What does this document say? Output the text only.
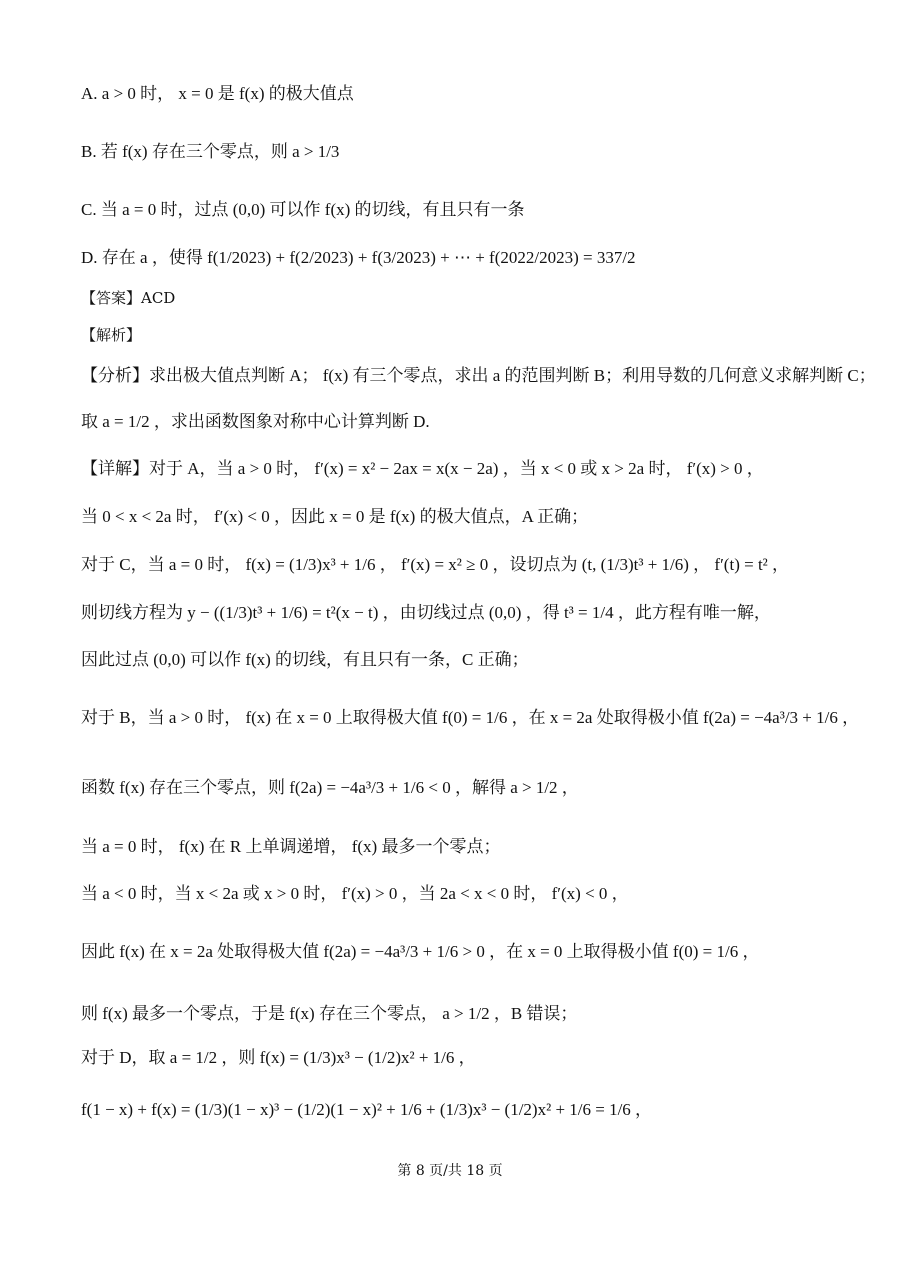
A. a > 0 时， x = 0 是 f(x) 的极大值点
B. 若 f(x) 存在三个零点，则 a > 1/3
C. 当 a = 0 时，过点 (0,0) 可以作 f(x) 的切线，有且只有一条
D. 存在 a ，使得 f(1/2023) + f(2/2023) + f(3/2023) + ⋯ + f(2022/2023) = 337/2
【答案】ACD
【解析】
【分析】求出极大值点判断 A； f(x) 有三个零点，求出 a 的范围判断 B；利用导数的几何意义求解判断 C；
取 a = 1/2 ，求出函数图象对称中心计算判断 D.
【详解】对于 A，当 a > 0 时， f′(x) = x² − 2ax = x(x − 2a) ，当 x < 0 或 x > 2a 时， f′(x) > 0 ，
当 0 < x < 2a 时， f′(x) < 0 ，因此 x = 0 是 f(x) 的极大值点，A 正确；
对于 C，当 a = 0 时， f(x) = (1/3)x³ + 1/6 ， f′(x) = x² ≥ 0 ，设切点为 (t, (1/3)t³ + 1/6) ， f′(t) = t² ，
则切线方程为 y − ((1/3)t³ + 1/6) = t²(x − t) ，由切线过点 (0,0) ，得 t³ = 1/4 ，此方程有唯一解，
因此过点 (0,0) 可以作 f(x) 的切线，有且只有一条，C 正确；
对于 B，当 a > 0 时， f(x) 在 x = 0 上取得极大值 f(0) = 1/6 ，在 x = 2a 处取得极小值 f(2a) = −4a³/3 + 1/6 ，
函数 f(x) 存在三个零点，则 f(2a) = −4a³/3 + 1/6 < 0 ，解得 a > 1/2 ，
当 a = 0 时， f(x) 在 R 上单调递增， f(x) 最多一个零点；
当 a < 0 时，当 x < 2a 或 x > 0 时， f′(x) > 0 ，当 2a < x < 0 时， f′(x) < 0 ，
因此 f(x) 在 x = 2a 处取得极大值 f(2a) = −4a³/3 + 1/6 > 0 ，在 x = 0 上取得极小值 f(0) = 1/6 ，
则 f(x) 最多一个零点，于是 f(x) 存在三个零点， a > 1/2 ，B 错误；
对于 D，取 a = 1/2 ，则 f(x) = (1/3)x³ − (1/2)x² + 1/6 ，
f(1 − x) + f(x) = (1/3)(1 − x)³ − (1/2)(1 − x)² + 1/6 + (1/3)x³ − (1/2)x² + 1/6 = 1/6 ，
第 8 页/共 18 页
